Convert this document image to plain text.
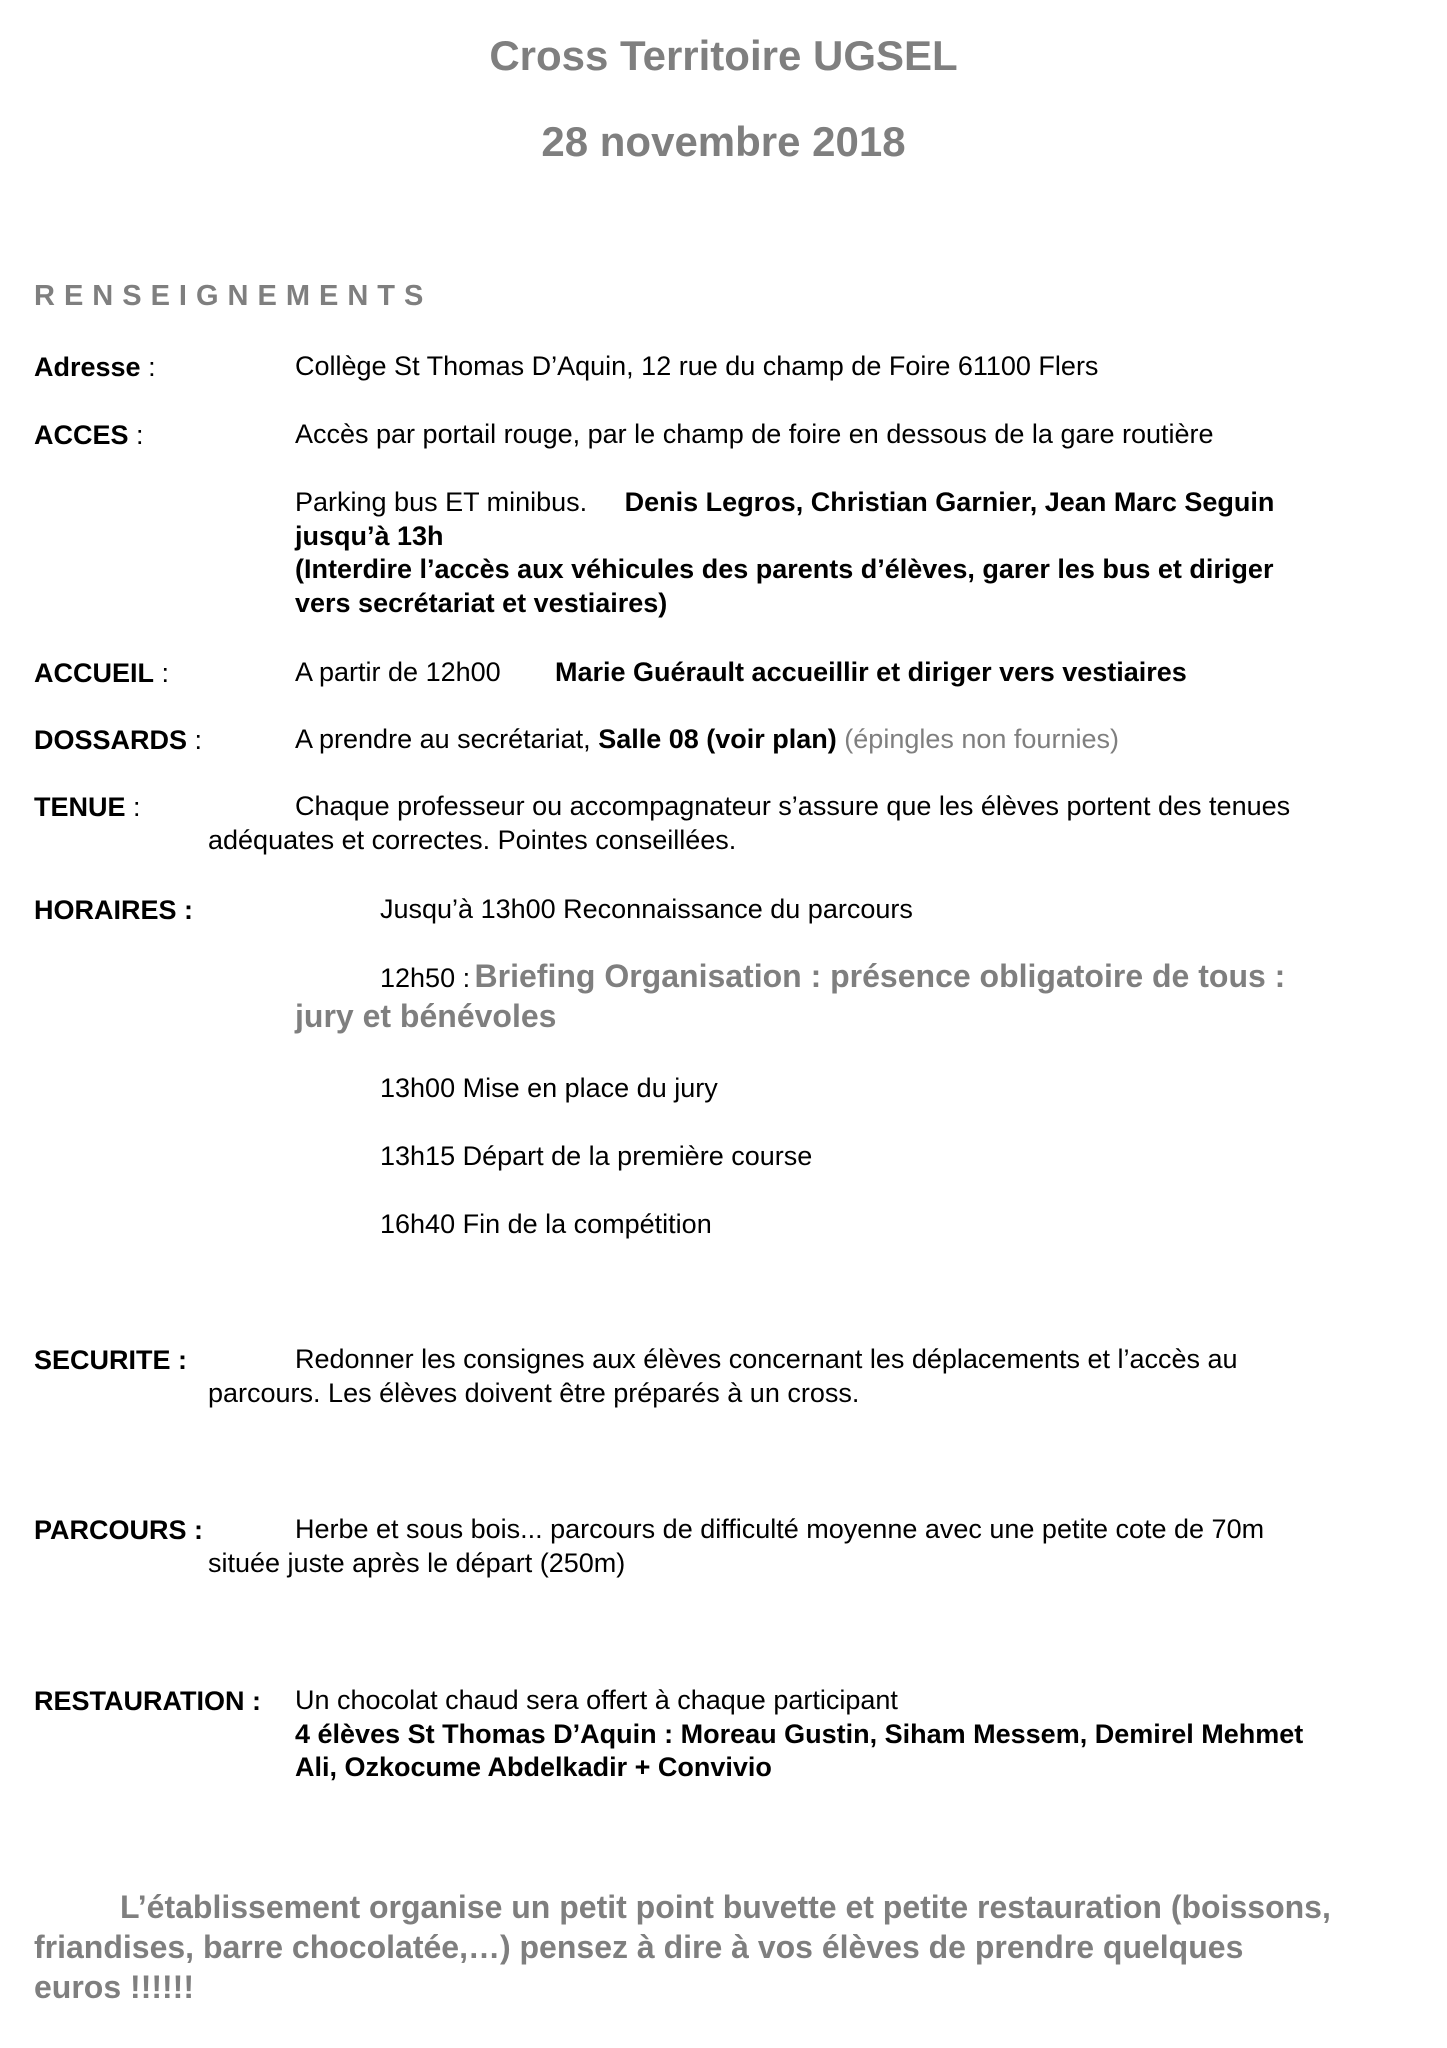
Cross Territoire UGSEL
28 novembre 2018
RENSEIGNEMENTS
Adresse :	Collège St Thomas D’Aquin, 12 rue du champ de Foire 61100 Flers
ACCES :	Accès par portail rouge, par le champ de foire en dessous de la gare routière
Parking bus ET minibus. Denis Legros, Christian Garnier, Jean Marc Seguin
jusqu’à 13h
(Interdire l’accès aux véhicules des parents d’élèves, garer les bus et diriger
vers secrétariat et vestiaires)
ACCUEIL :	A partir de 12h00 Marie Guérault accueillir et diriger vers vestiaires
DOSSARDS :	A prendre au secrétariat, Salle 08 (voir plan) (épingles non fournies)
TENUE :	Chaque professeur ou accompagnateur s’assure que les élèves portent des tenues
adéquates et correctes. Pointes conseillées.
HORAIRES :	Jusqu’à 13h00 Reconnaissance du parcours
12h50 : Briefing Organisation : présence obligatoire de tous :
jury et bénévoles
13h00 Mise en place du jury
13h15 Départ de la première course
16h40 Fin de la compétition
SECURITE :	Redonner les consignes aux élèves concernant les déplacements et l’accès au
parcours. Les élèves doivent être préparés à un cross.
PARCOURS :	Herbe et sous bois... parcours de difficulté moyenne avec une petite cote de 70m
située juste après le départ (250m)
RESTAURATION : Un chocolat chaud sera offert à chaque participant
4 élèves St Thomas D’Aquin : Moreau Gustin, Siham Messem, Demirel Mehmet
Ali, Ozkocume Abdelkadir + Convivio
L’établissement organise un petit point buvette et petite restauration (boissons,
friandises, barre chocolatée,…) pensez à dire à vos élèves de prendre quelques
euros !!!!!!
